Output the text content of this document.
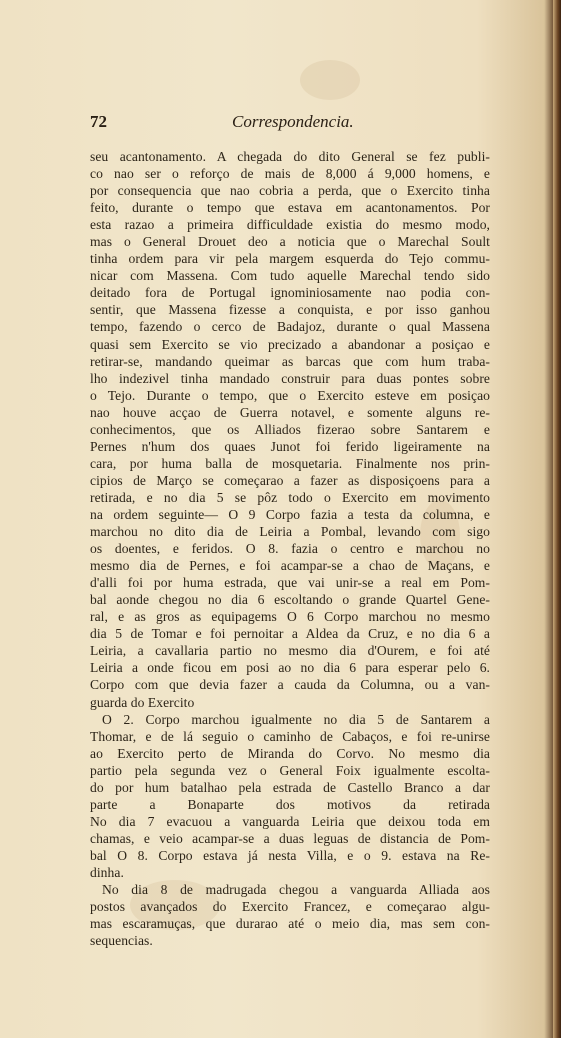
72	Correspondencia.
seu acantonamento. A chegada do dito General se fez publi-
co nao ser o reforço de mais de 8,000 á 9,000 homens, e
por consequencia que nao cobria a perda, que o Exercito tinha
feito, durante o tempo que estava em acantonamentos. Por
esta razao a primeira difficuldade existia do mesmo modo,
mas o General Drouet deo a noticia que o Marechal Soult
tinha ordem para vir pela margem esquerda do Tejo commu-
nicar com Massena. Com tudo aquelle Marechal tendo sido
deitado fora de Portugal ignominiosamente nao podia con-
sentir, que Massena fizesse a conquista, e por isso ganhou
tempo, fazendo o cerco de Badajoz, durante o qual Massena
quasi sem Exercito se vio precizado a abandonar a posiçao e
retirar-se, mandando queimar as barcas que com hum traba-
lho indezivel tinha mandado construir para duas pontes sobre
o Tejo. Durante o tempo, que o Exercito esteve em posiçao
nao houve acçao de Guerra notavel, e somente alguns re-
conhecimentos, que os Alliados fizerao sobre Santarem e
Pernes n'hum dos quaes Junot foi ferido ligeiramente na
cara, por huma balla de mosquetaria. Finalmente nos prin-
cipios de Março se começarao a fazer as disposiçoens para a
retirada, e no dia 5 se pôz todo o Exercito em movimento
na ordem seguinte— O 9 Corpo fazia a testa da columna, e
marchou no dito dia de Leiria a Pombal, levando com sigo
os doentes, e feridos. O 8. fazia o centro e marchou no
mesmo dia de Pernes, e foi acampar-se a chao de Maçans, e
d'alli foi por huma estrada, que vai unir-se a real em Pom-
bal aonde chegou no dia 6 escoltando o grande Quartel Gene-
ral, e as gros as equipagems O 6 Corpo marchou no mesmo
dia 5 de Tomar e foi pernoitar a Aldea da Cruz, e no dia 6 a
Leiria, a cavallaria partio no mesmo dia d'Ourem, e foi até
Leiria a onde ficou em posi ao no dia 6 para esperar pelo 6.
Corpo com que devia fazer a cauda da Columna, ou a van-
guarda do Exercito
O 2. Corpo marchou igualmente no dia 5 de Santarem a
Thomar, e de lá seguio o caminho de Cabaços, e foi re-unirse
ao Exercito perto de Miranda do Corvo. No mesmo dia
partio pela segunda vez o General Foix igualmente escolta-
do por hum batalhao pela estrada de Castello Branco a dar
parte a Bonaparte dos motivos da retirada
No dia 7 evacuou a vanguarda Leiria que deixou toda em
chamas, e veio acampar-se a duas leguas de distancia de Pom-
bal O 8. Corpo estava já nesta Villa, e o 9. estava na Re-
dinha.
No dia 8 de madrugada chegou a vanguarda Alliada aos
postos avançados do Exercito Francez, e começarao algu-
mas escaramuças, que durarao até o meio dia, mas sem con-
sequencias.
